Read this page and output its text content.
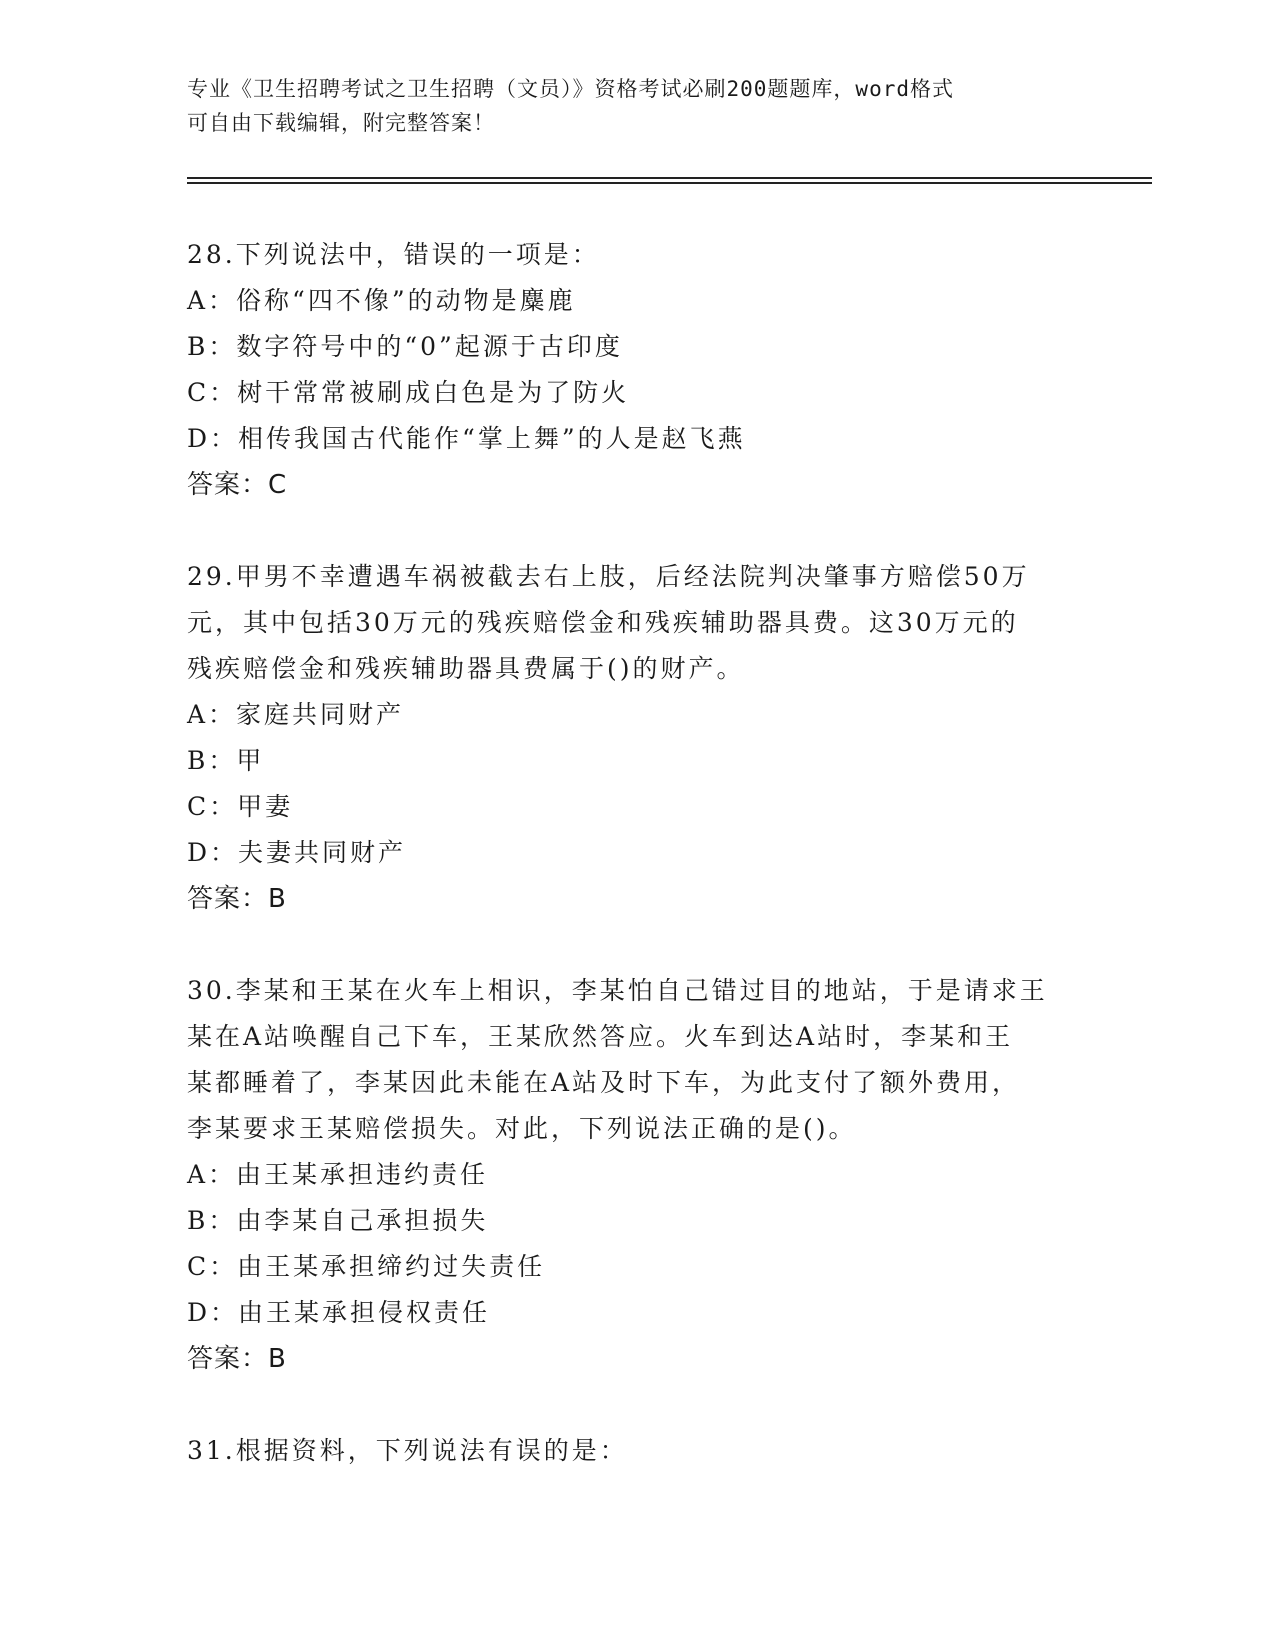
专业《卫生招聘考试之卫生招聘（文员）》资格考试必刷200题题库，word格式
可自由下载编辑，附完整答案！
28.下列说法中，错误的一项是：
A：俗称“四不像”的动物是麋鹿
B：数字符号中的“0”起源于古印度
C：树干常常被刷成白色是为了防火
D：相传我国古代能作“掌上舞”的人是赵飞燕
答案：C
29.甲男不幸遭遇车祸被截去右上肢，后经法院判决肇事方赔偿50万
元，其中包括30万元的残疾赔偿金和残疾辅助器具费。这30万元的
残疾赔偿金和残疾辅助器具费属于()的财产。
A：家庭共同财产
B：甲
C：甲妻
D：夫妻共同财产
答案：B
30.李某和王某在火车上相识，李某怕自己错过目的地站，于是请求王
某在A站唤醒自己下车，王某欣然答应。火车到达A站时，李某和王
某都睡着了，李某因此未能在A站及时下车，为此支付了额外费用，
李某要求王某赔偿损失。对此，下列说法正确的是()。
A：由王某承担违约责任
B：由李某自己承担损失
C：由王某承担缔约过失责任
D：由王某承担侵权责任
答案：B
31.根据资料，下列说法有误的是：
